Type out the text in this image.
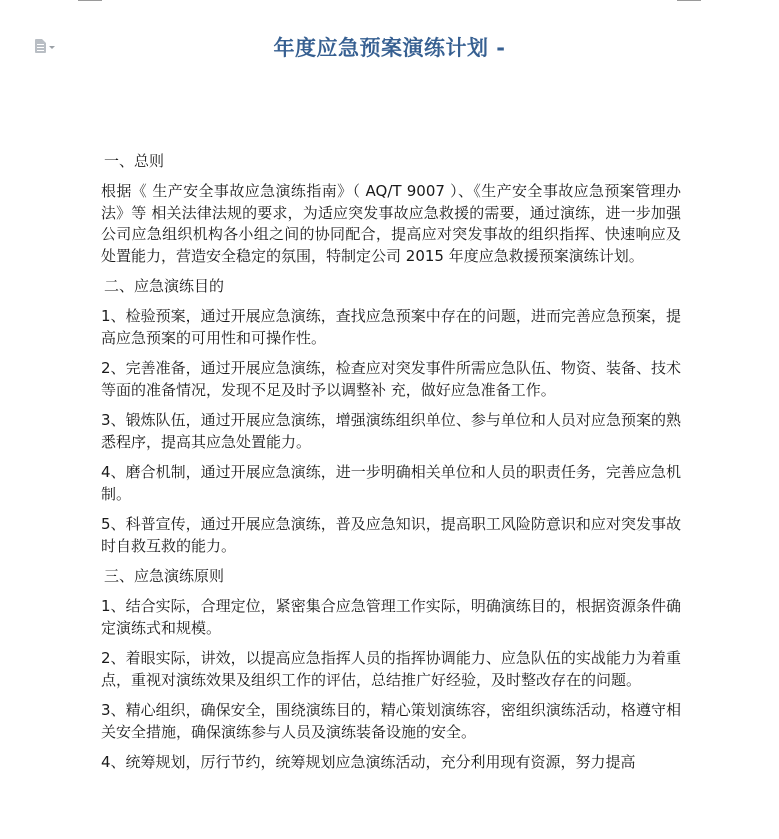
年度应急预案演练计划 -
一、总则

根据《 生产安全事故应急演练指南》（ AQ/T 9007 ）、《生产安全事故应急预案管理办法》等 相关法律法规的要求，为适应突发事故应急救援的需要，通过演练，进一步加强公司应急组织机构各小组之间的协同配合，提高应对突发事故的组织指挥、快速响应及处置能力，营造安全稳定的氛围，特制定公司 2015 年度应急救援预案演练计划。

二、应急演练目的

1、检验预案，通过开展应急演练，查找应急预案中存在的问题，进而完善应急预案，提高应急预案的可用性和可操作性。

2、完善准备，通过开展应急演练，检查应对突发事件所需应急队伍、物资、装备、技术等面的准备情况，发现不足及时予以调整补 充，做好应急准备工作。

3、锻炼队伍，通过开展应急演练，增强演练组织单位、参与单位和人员对应急预案的熟悉程序，提高其应急处置能力。

4、磨合机制，通过开展应急演练，进一步明确相关单位和人员的职责任务，完善应急机制。

5、科普宣传，通过开展应急演练，普及应急知识，提高职工风险防意识和应对突发事故时自救互救的能力。

三、应急演练原则

1、结合实际，合理定位，紧密集合应急管理工作实际，明确演练目的，根据资源条件确定演练式和规模。

2、着眼实际，讲效，以提高应急指挥人员的指挥协调能力、应急队伍的实战能力为着重点，重视对演练效果及组织工作的评估，总结推广好经验，及时整改存在的问题。

3、精心组织，确保安全，围绕演练目的，精心策划演练容，密组织演练活动，格遵守相关安全措施，确保演练参与人员及演练装备设施的安全。

4、统筹规划，厉行节约，统筹规划应急演练活动，充分利用现有资源，努力提高
